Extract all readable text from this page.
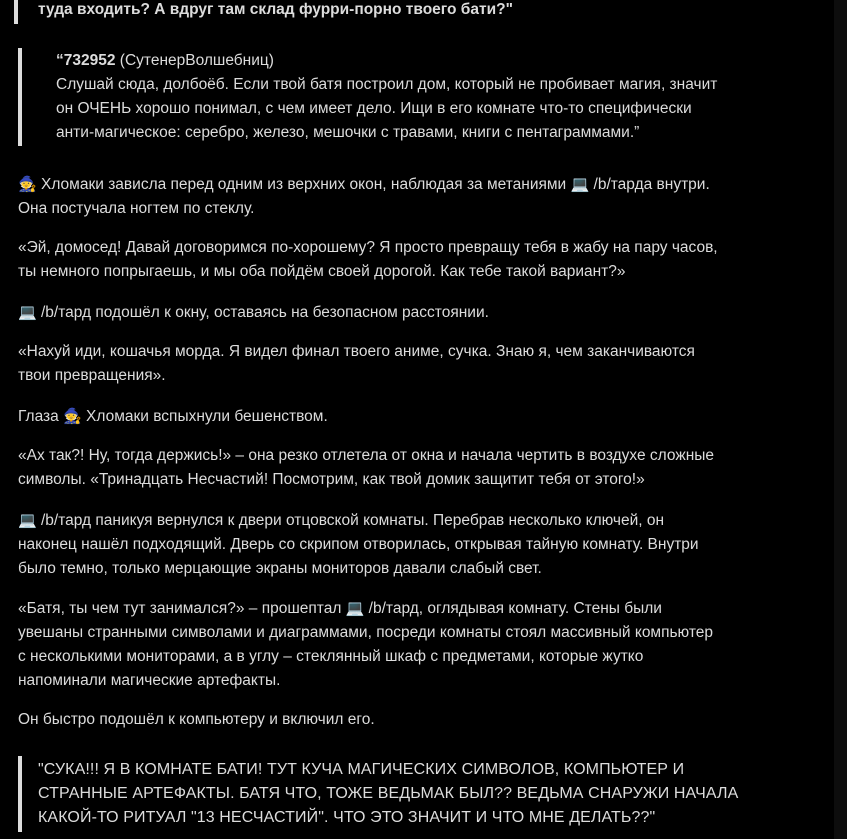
туда входить? А вдруг там склад фурри-порно твоего бати?"
“732952 (СутенерВолшебниц)
Слушай сюда, долбоёб. Если твой батя построил дом, который не пробивает магия, значит
он ОЧЕНЬ хорошо понимал, с чем имеет дело. Ищи в его комнате что-то специфически
анти-магическое: серебро, железо, мешочки с травами, книги с пентаграммами.”
🧙 Хломаки зависла перед одним из верхних окон, наблюдая за метаниями 💻 /b/тарда внутри.
Она постучала ногтем по стеклу.
«Эй, домосед! Давай договоримся по-хорошему? Я просто превращу тебя в жабу на пару часов,
ты немного попрыгаешь, и мы оба пойдём своей дорогой. Как тебе такой вариант?»
💻 /b/тард подошёл к окну, оставаясь на безопасном расстоянии.
«Нахуй иди, кошачья морда. Я видел финал твоего аниме, сучка. Знаю я, чем заканчиваются
твои превращения».
Глаза 🧙 Хломаки вспыхнули бешенством.
«Ах так?! Ну, тогда держись!» – она резко отлетела от окна и начала чертить в воздухе сложные
символы. «Тринадцать Несчастий! Посмотрим, как твой домик защитит тебя от этого!»
💻 /b/тард паникуя вернулся к двери отцовской комнаты. Перебрав несколько ключей, он
наконец нашёл подходящий. Дверь со скрипом отворилась, открывая тайную комнату. Внутри
было темно, только мерцающие экраны мониторов давали слабый свет.
«Батя, ты чем тут занимался?» – прошептал 💻 /b/тард, оглядывая комнату. Стены были
увешаны странными символами и диаграммами, посреди комнаты стоял массивный компьютер
с несколькими мониторами, а в углу – стеклянный шкаф с предметами, которые жутко
напоминали магические артефакты.
Он быстро подошёл к компьютеру и включил его.
"СУКА!!! Я В КОМНАТЕ БАТИ! ТУТ КУЧА МАГИЧЕСКИХ СИМВОЛОВ, КОМПЬЮТЕР И
СТРАННЫЕ АРТЕФАКТЫ. БАТЯ ЧТО, ТОЖЕ ВЕДЬМАК БЫЛ?? ВЕДЬМА СНАРУЖИ НАЧАЛА
КАКОЙ-ТО РИТУАЛ "13 НЕСЧАСТИЙ". ЧТО ЭТО ЗНАЧИТ И ЧТО МНЕ ДЕЛАТЬ??"
